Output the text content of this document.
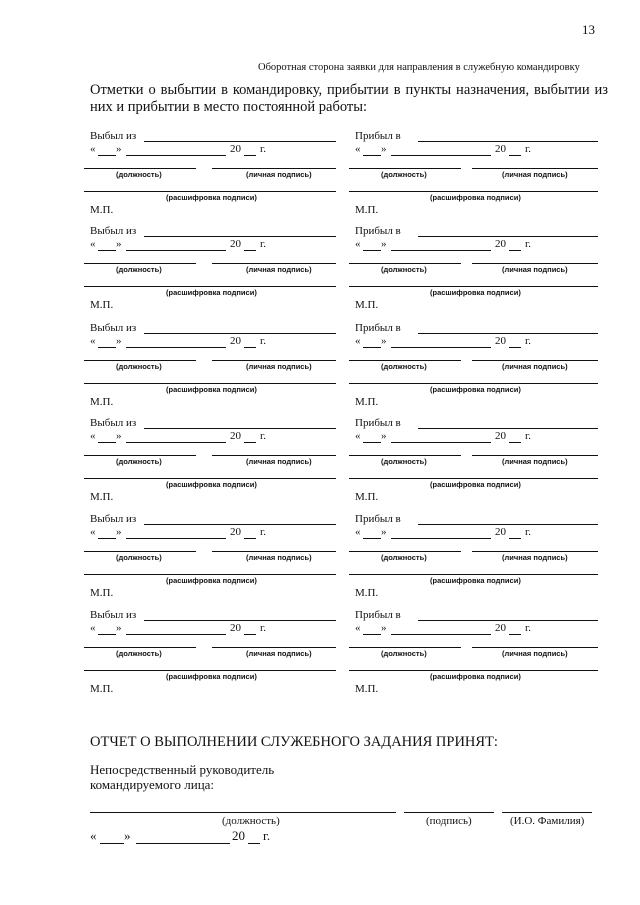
13
Оборотная сторона заявки для направления в служебную командировку
Отметки о выбытии в командировку, прибытии в пункты назначения, выбытии из них и прибытии в место постоянной работы:
Выбыл из
« »	20 г.
(должность)	(личная подпись)
(расшифровка подписи)
М.П.
Прибыл в
« »	20 г.
(должность)	(личная подпись)
(расшифровка подписи)
М.П.
Выбыл из
« »	20 г.
(должность)	(личная подпись)
(расшифровка подписи)
М.П.
Прибыл в
« »	20 г.
(должность)	(личная подпись)
(расшифровка подписи)
М.П.
Выбыл из
« »	20 г.
(должность)	(личная подпись)
(расшифровка подписи)
М.П.
Прибыл в
« »	20 г.
(должность)	(личная подпись)
(расшифровка подписи)
М.П.
Выбыл из
« »	20 г.
(должность)	(личная подпись)
(расшифровка подписи)
М.П.
Прибыл в
« »	20 г.
(должность)	(личная подпись)
(расшифровка подписи)
М.П.
Выбыл из
« »	20 г.
(должность)	(личная подпись)
(расшифровка подписи)
М.П.
Прибыл в
« »	20 г.
(должность)	(личная подпись)
(расшифровка подписи)
М.П.
Выбыл из
« »	20 г.
(должность)	(личная подпись)
(расшифровка подписи)
М.П.
Прибыл в
« »	20 г.
(должность)	(личная подпись)
(расшифровка подписи)
М.П.
ОТЧЕТ О ВЫПОЛНЕНИИ СЛУЖЕБНОГО ЗАДАНИЯ ПРИНЯТ:
Непосредственный руководитель
командируемого лица:
(должность)	(подпись)	(И.О. Фамилия)
« »	20 г.
